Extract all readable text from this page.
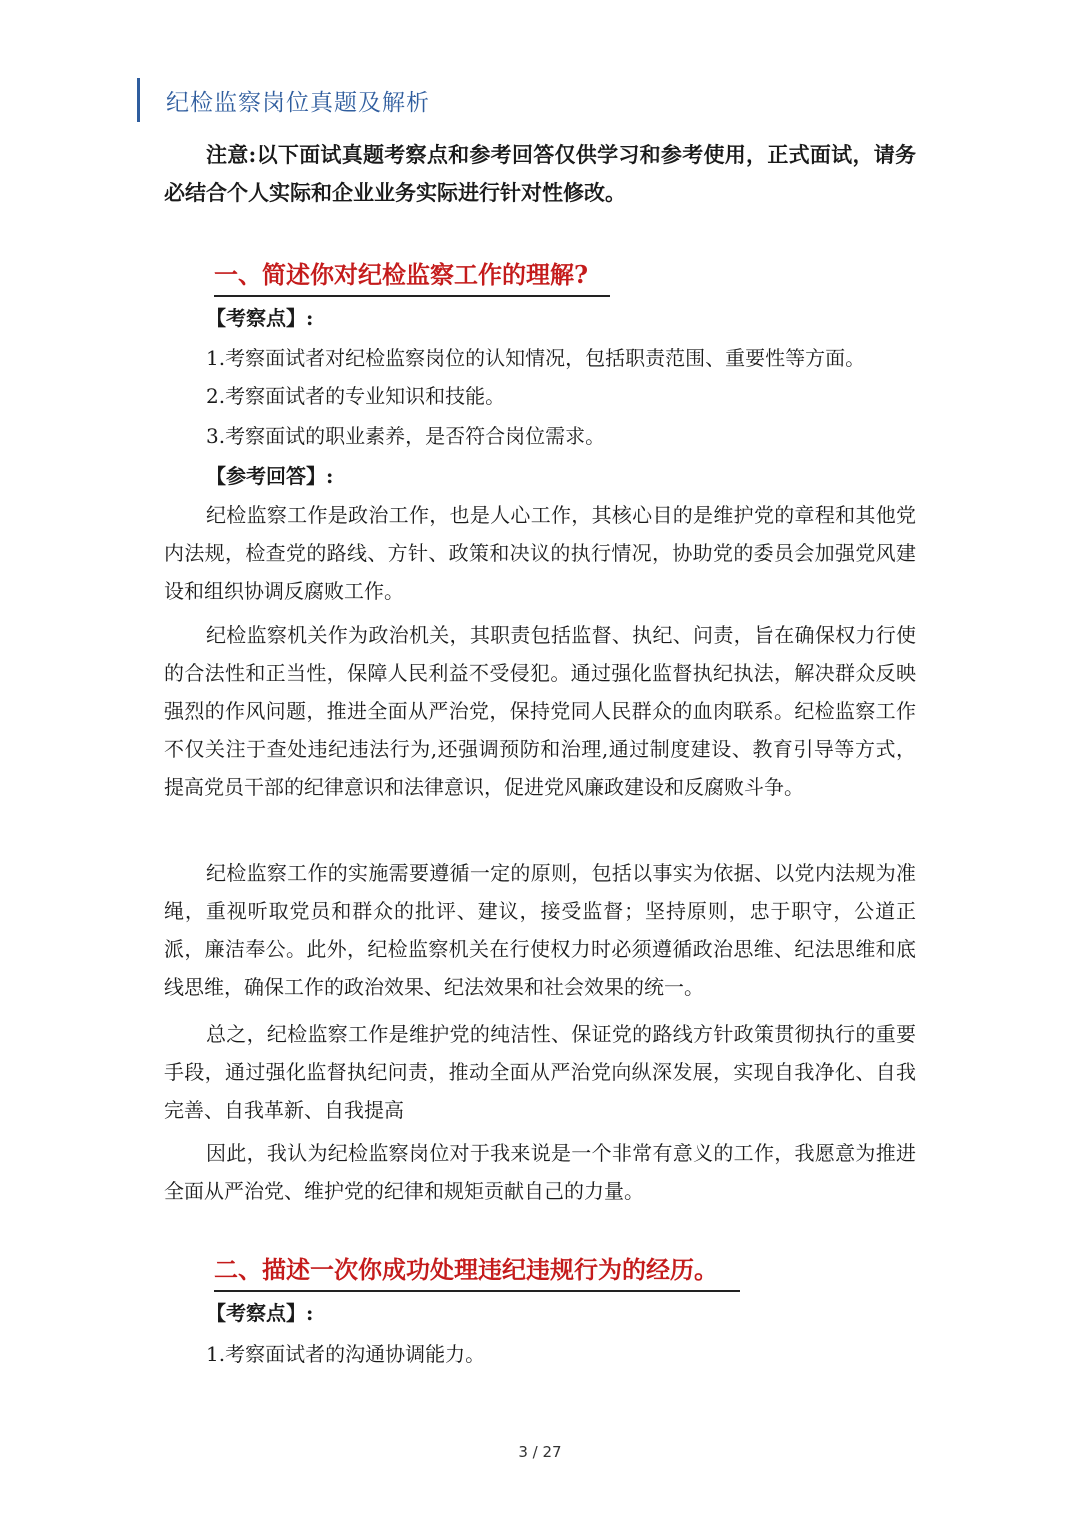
纪检监察岗位真题及解析
注意:以下面试真题考察点和参考回答仅供学习和参考使用，正式面试，请务必结合个人实际和企业业务实际进行针对性修改。
一、简述你对纪检监察工作的理解?
【考察点】:
1.考察面试者对纪检监察岗位的认知情况，包括职责范围、重要性等方面。
2.考察面试者的专业知识和技能。
3.考察面试的职业素养，是否符合岗位需求。
【参考回答】:
纪检监察工作是政治工作，也是人心工作，其核心目的是维护党的章程和其他党内法规，检查党的路线、方针、政策和决议的执行情况，协助党的委员会加强党风建设和组织协调反腐败工作。
纪检监察机关作为政治机关，其职责包括监督、执纪、问责，旨在确保权力行使的合法性和正当性，保障人民利益不受侵犯。通过强化监督执纪执法，解决群众反映强烈的作风问题，推进全面从严治党，保持党同人民群众的血肉联系。纪检监察工作不仅关注于查处违纪违法行为,还强调预防和治理,通过制度建设、教育引导等方式，提高党员干部的纪律意识和法律意识，促进党风廉政建设和反腐败斗争。
纪检监察工作的实施需要遵循一定的原则，包括以事实为依据、以党内法规为准绳，重视听取党员和群众的批评、建议，接受监督；坚持原则，忠于职守，公道正派，廉洁奉公。此外，纪检监察机关在行使权力时必须遵循政治思维、纪法思维和底线思维，确保工作的政治效果、纪法效果和社会效果的统一。
总之，纪检监察工作是维护党的纯洁性、保证党的路线方针政策贯彻执行的重要手段，通过强化监督执纪问责，推动全面从严治党向纵深发展，实现自我净化、自我完善、自我革新、自我提高
因此，我认为纪检监察岗位对于我来说是一个非常有意义的工作，我愿意为推进全面从严治党、维护党的纪律和规矩贡献自己的力量。
二、描述一次你成功处理违纪违规行为的经历。
【考察点】:
1.考察面试者的沟通协调能力。
3 / 27
